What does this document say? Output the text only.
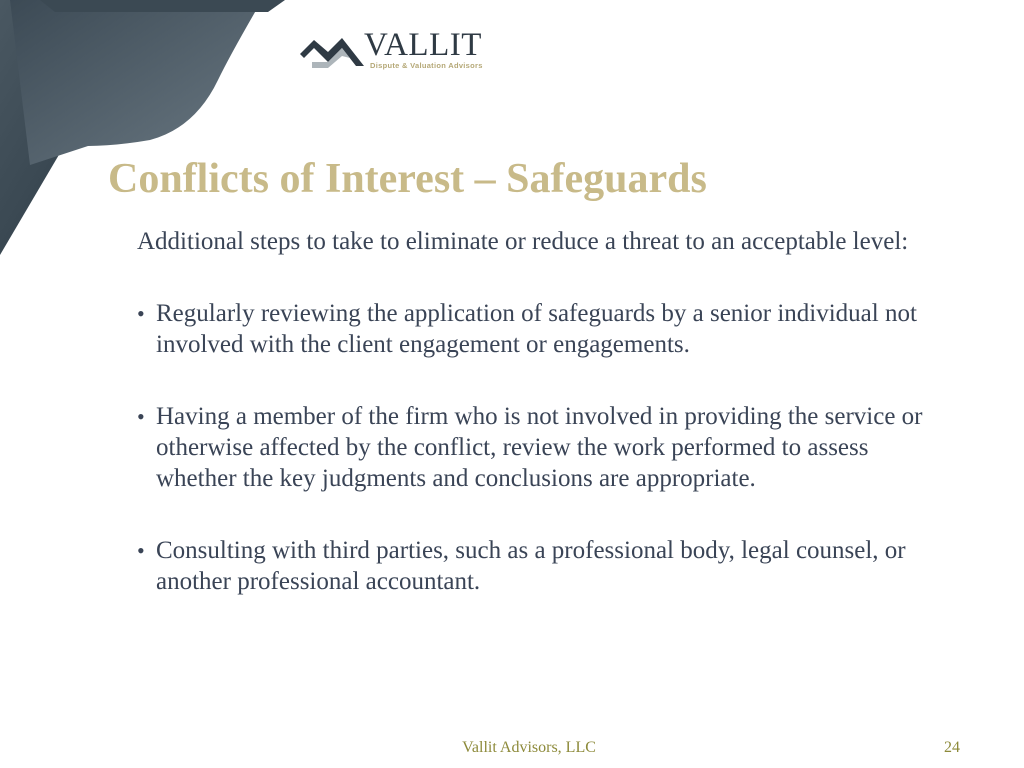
VALLIT
Dispute & Valuation Advisors
Conflicts of Interest – Safeguards

Additional steps to take to eliminate or reduce a threat to an acceptable level:

• Regularly reviewing the application of safeguards by a senior individual not involved with the client engagement or engagements.
• Having a member of the firm who is not involved in providing the service or otherwise affected by the conflict, review the work performed to assess whether the key judgments and conclusions are appropriate.
• Consulting with third parties, such as a professional body, legal counsel, or another professional accountant.
Vallit Advisors, LLC	24
